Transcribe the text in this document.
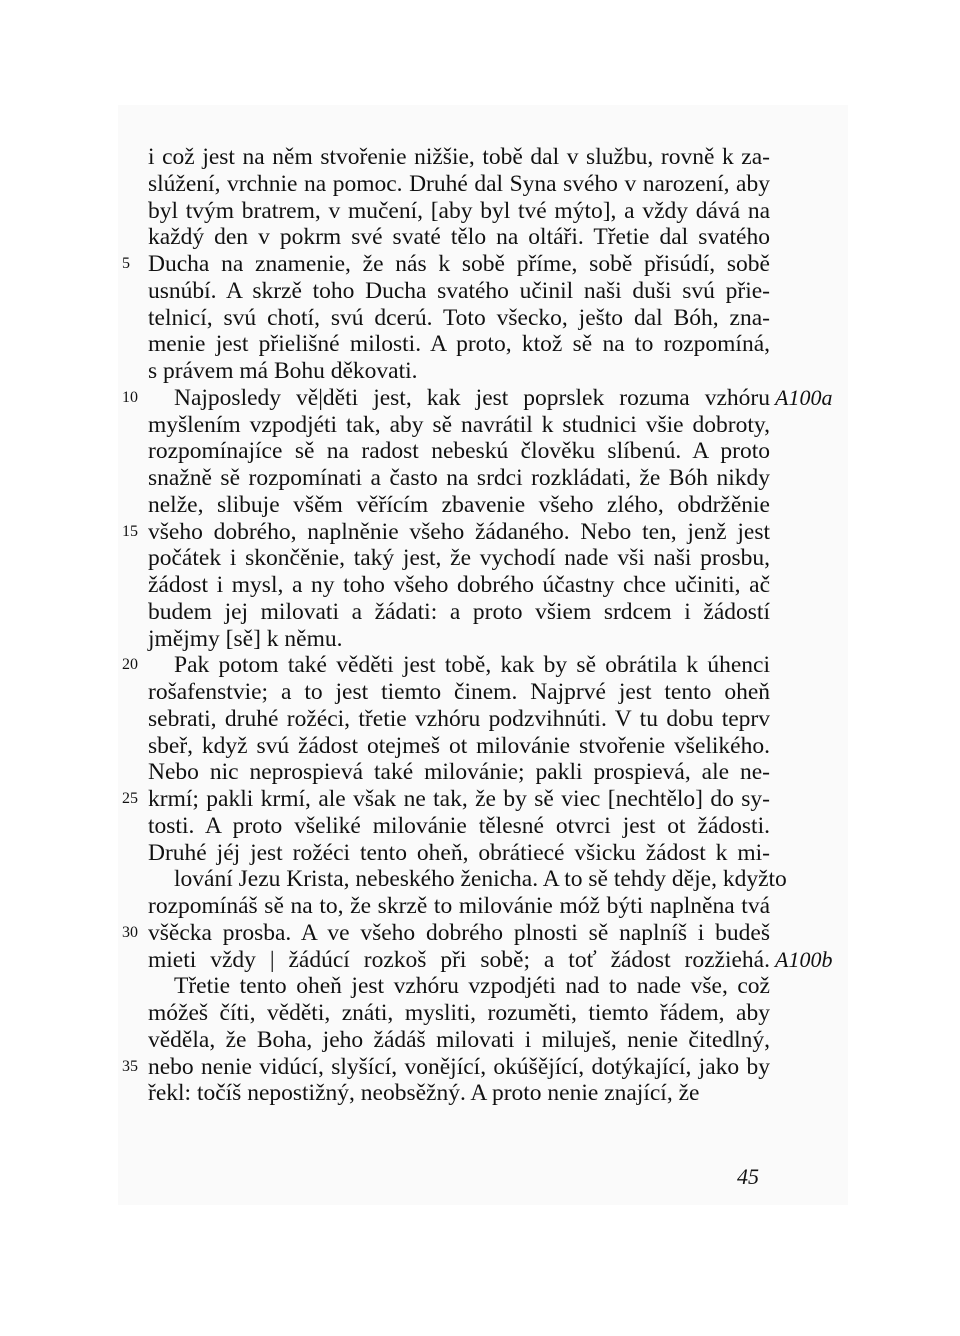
i což jest na něm stvořenie nižšie, tobě dal v službu, rovně k za-
slúžení, vrchnie na pomoc. Druhé dal Syna svého v narození, aby
byl tvým bratrem, v mučení, [aby byl tvé mýto], a vždy dává na
každý den v pokrm své svaté tělo na oltáři. Třetie dal svatého
Ducha na znamenie, že nás k sobě příme, sobě přisúdí, sobě
5
usnúbí. A skrzě toho Ducha svatého učinil naši duši svú přie-
telnicí, svú chotí, svú dcerú. Toto všecko, ješto dal Bóh, zna-
menie jest přielišné milosti. A proto, ktož sě na to rozpomíná,
s právem má Bohu děkovati.
Najposledy vě|děti jest, kak jest poprslek rozuma vzhóru
10	A100a
myšlením vzpodjéti tak, aby sě navrátil k studnici všie dobroty,
rozpomínajíce sě na radost nebeskú člověku slíbenú. A proto
snažně sě rozpomínati a často na srdci rozkládati, že Bóh nikdy
nelže, slibuje všěm věřícím zbavenie všeho zlého, obdržěnie
všeho dobrého, naplněnie všeho žádaného. Nebo ten, jenž jest
15
počátek i skončěnie, taký jest, že vychodí nade vši naši prosbu,
žádost i mysl, a ny toho všeho dobrého účastny chce učiniti, ač
budem jej milovati a žádati: a proto všiem srdcem i žádostí
jmějmy [sě] k němu.
Pak potom také věděti jest tobě, kak by sě obrátila k úhenci
20
rošafenstvie; a to jest tiemto činem. Najprvé jest tento oheň
sebrati, druhé rožéci, třetie vzhóru podzvihnúti. V tu dobu teprv
sbeř, když svú žádost otejmeš ot milovánie stvořenie všelikého.
Nebo nic neprospievá také milovánie; pakli prospievá, ale ne-
krmí; pakli krmí, ale však ne tak, že by sě viec [nechtělo] do sy-
25
tosti. A proto všeliké milovánie tělesné otvrci jest ot žádosti.
Druhé jéj jest rožéci tento oheň, obrátiecé všicku žádost k mi-
lování Jezu Krista, nebeského ženicha. A to sě tehdy děje, kdyžto
rozpomínáš sě na to, že skrzě to milovánie móž býti naplněna tvá
všěcka prosba. A ve všeho dobrého plnosti sě naplníš i budeš
30
mieti vždy | žádúcí rozkoš při sobě; a toť žádost rozžiehá. A100b
Třetie tento oheň jest vzhóru vzpodjéti nad to nade vše, což
móžeš číti, věděti, znáti, mysliti, rozuměti, tiemto řádem, aby
věděla, že Boha, jeho žádáš milovati i miluješ, nenie čitedlný,
nebo nenie vidúcí, slyšící, vonějící, okúšějící, dotýkající, jako by
35
řekl: točíš nepostižný, neobsěžný. A proto nenie znající, že
45
